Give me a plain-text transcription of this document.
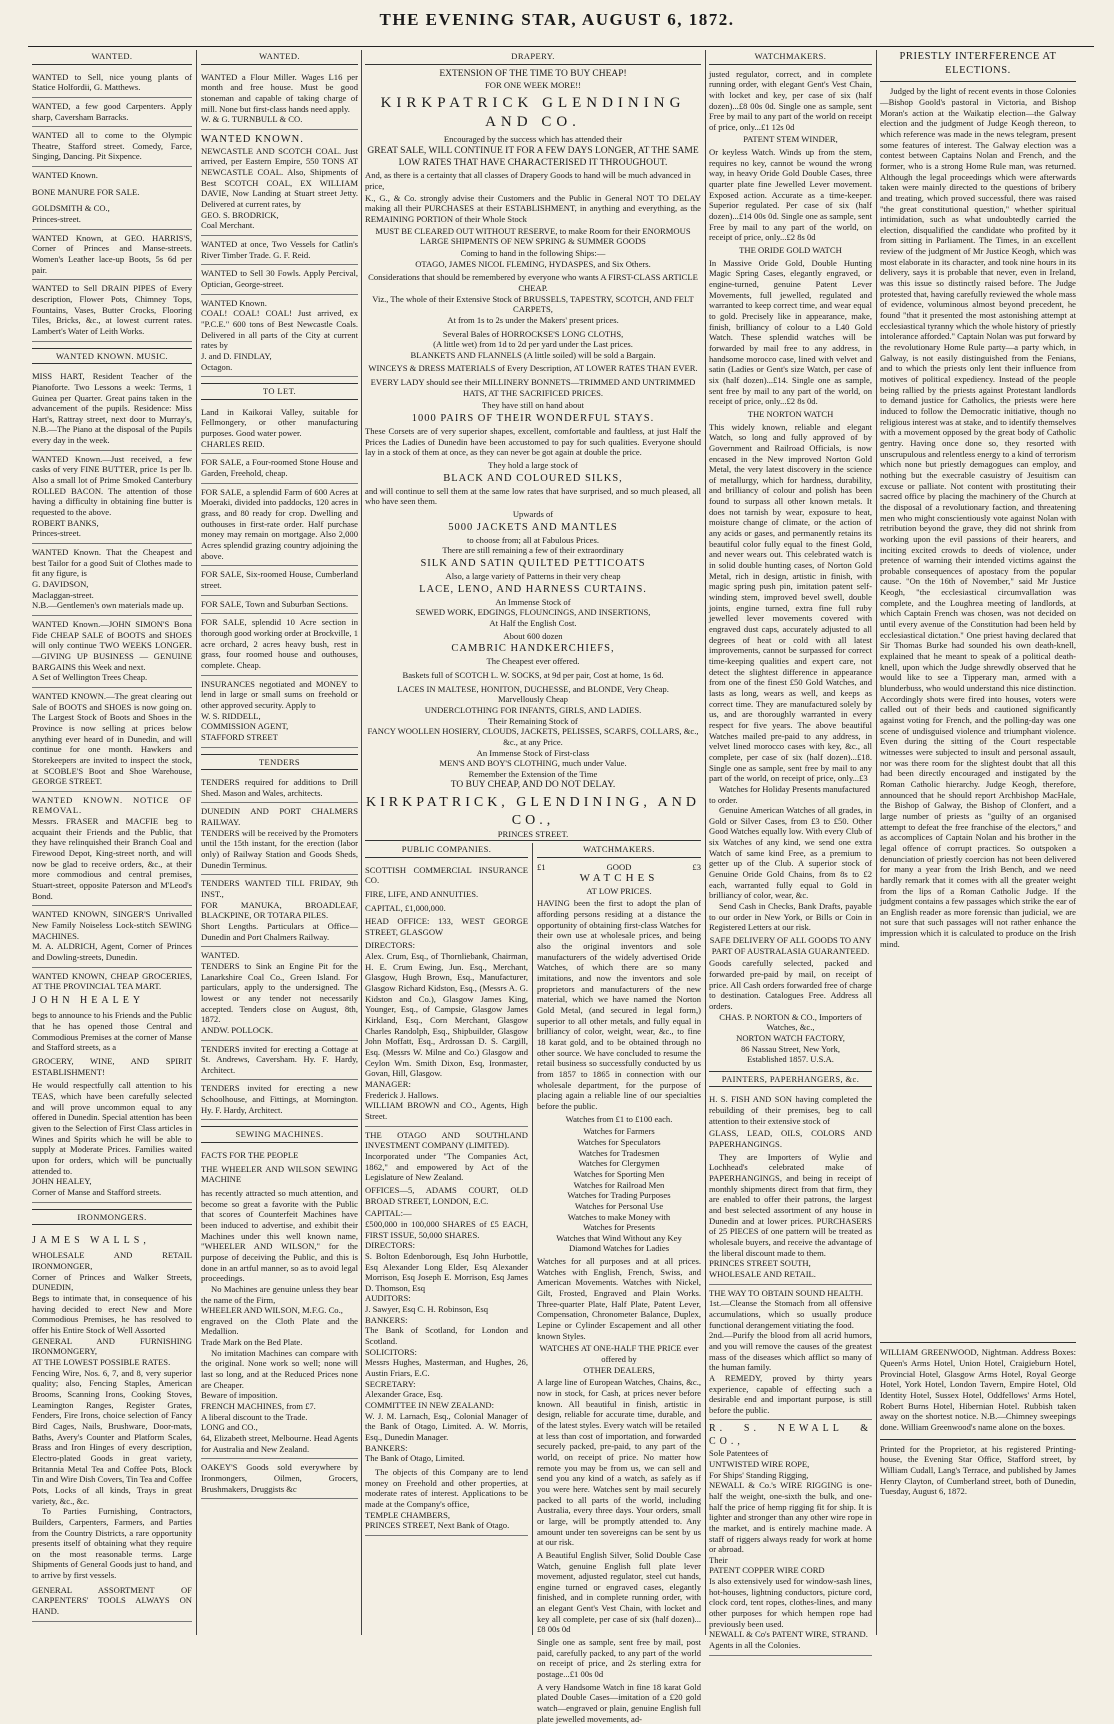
THE EVENING STAR, AUGUST 6, 1872.
WANTED.

WANTED to Sell, nice young plants of Statice Holfordii, G. Matthews.

WANTED, a few good Carpenters. Apply sharp, Caversham Barracks.

WANTED all to come to the Olympic Theatre, Stafford street. Comedy, Farce, Singing, Dancing. Pit Sixpence.

WANTED Known.

BONE MANURE FOR SALE.

GOLDSMITH & CO.,

Princes-street.

WANTED Known, at GEO. HARRIS'S, Corner of Princes and Manse-streets. Women's Leather lace-up Boots, 5s 6d per pair.

WANTED to Sell DRAIN PIPES of Every description, Flower Pots, Chimney Tops, Fountains, Vases, Butter Crocks, Flooring Tiles, Bricks, &c., at lowest current rates. Lambert's Water of Leith Works.

WANTED KNOWN. MUSIC.

MISS HART, Resident Teacher of the Pianoforte. Two Lessons a week: Terms, 1 Guinea per Quarter. Great pains taken in the advancement of the pupils. Residence: Miss Hart's, Rattray street, next door to Murray's, N.B.—The Piano at the disposal of the Pupils every day in the week.

WANTED Known.—Just received, a few casks of very FINE BUTTER, price 1s per lb. Also a small lot of Prime Smoked Canterbury ROLLED BACON. The attention of those having a difficulty in obtaining fine butter is requested to the above.

ROBERT BANKS,

Princes-street.

WANTED Known. That the Cheapest and best Tailor for a good Suit of Clothes made to fit any figure, is

G. DAVIDSON,

Maclaggan-street.

N.B.—Gentlemen's own materials made up.

WANTED Known.—JOHN SIMON'S Bona Fide CHEAP SALE of BOOTS and SHOES will only continue TWO WEEKS LONGER.—GIVING UP BUSINESS — GENUINE BARGAINS this Week and next.

A Set of Wellington Trees Cheap.

WANTED KNOWN.—The great clearing out Sale of BOOTS and SHOES is now going on. The Largest Stock of Boots and Shoes in the Province is now selling at prices below anything ever heard of in Dunedin, and will continue for one month. Hawkers and Storekeepers are invited to inspect the stock, at SCOBLE'S Boot and Shoe Warehouse, GEORGE STREET.

WANTED KNOWN. NOTICE OF REMOVAL.

Messrs. FRASER and MACFIE beg to acquaint their Friends and the Public, that they have relinquished their Branch Coal and Firewood Depot, King-street north, and will now be glad to receive orders, &c., at their more commodious and central premises, Stuart-street, opposite Paterson and M'Leod's Bond.

WANTED KNOWN, SINGER'S Unrivalled New Family Noiseless Lock-stitch SEWING MACHINES.

M. A. ALDRICH, Agent, Corner of Princes and Dowling-streets, Dunedin.

WANTED KNOWN, CHEAP GROCERIES, AT THE PROVINCIAL TEA MART.

JOHN HEALEY

begs to announce to his Friends and the Public that he has opened those Central and Commodious Premises at the corner of Manse and Stafford streets, as a

GROCERY, WINE, AND SPIRIT ESTABLISHMENT!

He would respectfully call attention to his TEAS, which have been carefully selected and will prove uncommon equal to any offered in Dunedin. Special attention has been given to the Selection of First Class articles in Wines and Spirits which he will be able to supply at Moderate Prices. Families waited upon for orders, which will be punctually attended to.

JOHN HEALEY,

Corner of Manse and Stafford streets.

IRONMONGERS.

JAMES WALLS,

WHOLESALE AND RETAIL IRONMONGER,

Corner of Princes and Walker Streets, DUNEDIN,

Begs to intimate that, in consequence of his having decided to erect New and More Commodious Premises, he has resolved to offer his Entire Stock of Well Assorted

GENERAL AND FURNISHING IRONMONGERY,

AT THE LOWEST POSSIBLE RATES.

Fencing Wire, Nos. 6, 7, and 8, very superior quality; also, Fencing Staples, American Brooms, Scanning Irons, Cooking Stoves, Leamington Ranges, Register Grates, Fenders, Fire Irons, choice selection of Fancy Bird Cages, Nails, Brushware, Door-mats, Baths, Avery's Counter and Platform Scales, Brass and Iron Hinges of every description, Electro-plated Goods in great variety, Britannia Metal Tea and Coffee Pots, Block Tin and Wire Dish Covers, Tin Tea and Coffee Pots, Locks of all kinds, Trays in great variety, &c., &c.

To Parties Furnishing, Contractors, Builders, Carpenters, Farmers, and Parties from the Country Districts, a rare opportunity presents itself of obtaining what they require on the most reasonable terms. Large Shipments of General Goods just to hand, and to arrive by first vessels.

GENERAL ASSORTMENT OF CARPENTERS' TOOLS ALWAYS ON HAND.

WANTED.

WANTED a Flour Miller. Wages L16 per month and free house. Must be good stoneman and capable of taking charge of mill. None but first-class hands need apply.

W. & G. TURNBULL & CO.

WANTED KNOWN.

NEWCASTLE AND SCOTCH COAL. Just arrived, per Eastern Empire, 550 TONS AT NEWCASTLE COAL. Also, Shipments of Best SCOTCH COAL, EX WILLIAM DAVIE, Now Landing at Stuart street Jetty. Delivered at current rates, by

GEO. S. BRODRICK,

Coal Merchant.

WANTED at once, Two Vessels for Catlin's River Timber Trade. G. F. Reid.

WANTED to Sell 30 Fowls. Apply Percival, Optician, George-street.

WANTED Known.

COAL! COAL! COAL! Just arrived, ex "P.C.E." 600 tons of Best Newcastle Coals. Delivered in all parts of the City at current rates by

J. and D. FINDLAY,

Octagon.

TO LET.

Land in Kaikorai Valley, suitable for Fellmongery, or other manufacturing purposes. Good water power.

CHARLES REID.

FOR SALE, a Four-roomed Stone House and Garden, Freehold, cheap.

FOR SALE, a splendid Farm of 600 Acres at Moeraki, divided into paddocks, 120 acres in grass, and 80 ready for crop. Dwelling and outhouses in first-rate order. Half purchase money may remain on mortgage. Also 2,000 Acres splendid grazing country adjoining the above.

FOR SALE, Six-roomed House, Cumberland street.

FOR SALE, Town and Suburban Sections.

FOR SALE, splendid 10 Acre section in thorough good working order at Brockville, 1 acre orchard, 2 acres heavy bush, rest in grass, four roomed house and outhouses, complete. Cheap.

INSURANCES negotiated and MONEY to lend in large or small sums on freehold or other approved security. Apply to

W. S. RIDDELL,

COMMISSION AGENT,

STAFFORD STREET

TENDERS

TENDERS required for additions to Drill Shed. Mason and Wales, architects.

DUNEDIN AND PORT CHALMERS RAILWAY.

TENDERS will be received by the Promoters until the 15th instant, for the erection (labor only) of Railway Station and Goods Sheds, Dunedin Terminus.

TENDERS WANTED TILL FRIDAY, 9th INST.,

FOR MANUKA, BROADLEAF, BLACKPINE, OR TOTARA PILES.

Short Lengths. Particulars at Office—Dunedin and Port Chalmers Railway.

WANTED.

TENDERS to Sink an Engine Pit for the Lanarkshire Coal Co., Green Island. For particulars, apply to the undersigned. The lowest or any tender not necessarily accepted. Tenders close on August, 8th, 1872.

ANDW. POLLOCK.

TENDERS invited for erecting a Cottage at St. Andrews, Caversham. Hy. F. Hardy, Architect.

TENDERS invited for erecting a new Schoolhouse, and Fittings, at Mornington. Hy. F. Hardy, Architect.

SEWING MACHINES.

FACTS FOR THE PEOPLE

THE WHEELER AND WILSON SEWING MACHINE

has recently attracted so much attention, and become so great a favorite with the Public that scores of Counterfeit Machines have been induced to advertise, and exhibit their Machines under this well known name, "WHEELER AND WILSON," for the purpose of deceiving the Public, and this is done in an artful manner, so as to avoid legal proceedings.

No Machines are genuine unless they bear the name of the Firm,

WHEELER AND WILSON, M.F.G. Co.,

engraved on the Cloth Plate and the Medallion.

Trade Mark on the Bed Plate.

No imitation Machines can compare with the original. None work so well; none will last so long, and at the Reduced Prices none are Cheaper.

Beware of imposition.

FRENCH MACHINES, from £7.

A liberal discount to the Trade.

LONG and CO.,

64, Elizabeth street, Melbourne. Head Agents for Australia and New Zealand.

OAKEY'S Goods sold everywhere by Ironmongers, Oilmen, Grocers, Brushmakers, Druggists &c

DRAPERY.

EXTENSION OF THE TIME TO BUY CHEAP!

FOR ONE WEEK MORE!!

KIRKPATRICK GLENDINING AND CO.

Encouraged by the success which has attended their

GREAT SALE, WILL CONTINUE IT FOR A FEW DAYS LONGER, AT THE SAME LOW RATES THAT HAVE CHARACTERISED IT THROUGHOUT.

And, as there is a certainty that all classes of Drapery Goods to hand will be much advanced in price,

K., G., & Co. strongly advise their Customers and the Public in General NOT TO DELAY making all their PURCHASES at their ESTABLISHMENT, in anything and everything, as the REMAINING PORTION of their Whole Stock

MUST BE CLEARED OUT WITHOUT RESERVE, to make Room for their ENORMOUS LARGE SHIPMENTS OF NEW SPRING & SUMMER GOODS

Coming to hand in the following Ships:—

OTAGO, JAMES NICOL FLEMING, HYDASPES, and Six Others.

Considerations that should be remembered by everyone who wants A FIRST-CLASS ARTICLE CHEAP.

Viz., The whole of their Extensive Stock of BRUSSELS, TAPESTRY, SCOTCH, AND FELT CARPETS,

At from 1s to 2s under the Makers' present prices.

Several Bales of HORROCKSE'S LONG CLOTHS,

(A little wet) from 1d to 2d per yard under the Last prices.

BLANKETS AND FLANNELS (A little soiled) will be sold a Bargain.

WINCEYS & DRESS MATERIALS of Every Description, AT LOWER RATES THAN EVER.

EVERY LADY should see their MILLINERY BONNETS—TRIMMED AND UNTRIMMED HATS, AT THE SACRIFICED PRICES.

They have still on hand about

1000 PAIRS OF THEIR WONDERFUL STAYS.

These Corsets are of very superior shapes, excellent, comfortable and faultless, at just Half the Prices the Ladies of Dunedin have been accustomed to pay for such qualities. Everyone should lay in a stock of them at once, as they can never be got again at double the price.

They hold a large stock of

BLACK AND COLOURED SILKS,

and will continue to sell them at the same low rates that have surprised, and so much pleased, all who have seen them.

Upwards of

5000 JACKETS AND MANTLES

to choose from; all at Fabulous Prices.

There are still remaining a few of their extraordinary

SILK AND SATIN QUILTED PETTICOATS

Also, a large variety of Patterns in their very cheap

LACE, LENO, AND HARNESS CURTAINS.

An Immense Stock of

SEWED WORK, EDGINGS, FLOUNCINGS, AND INSERTIONS,

At Half the English Cost.

About 600 dozen

CAMBRIC HANDKERCHIEFS,

The Cheapest ever offered.

Baskets full of SCOTCH L. W. SOCKS, at 9d per pair, Cost at home, 1s 6d.

LACES IN MALTESE, HONITON, DUCHESSE, and BLONDE, Very Cheap.

Marvellously Cheap

UNDERCLOTHING FOR INFANTS, GIRLS, AND LADIES.

Their Remaining Stock of

FANCY WOOLLEN HOSIERY, CLOUDS, JACKETS, PELISSES, SCARFS, COLLARS, &c., &c., at any Price.

An Immense Stock of First-class

MEN'S AND BOY'S CLOTHING, much under Value.

Remember the Extension of the Time

TO BUY CHEAP, AND DO NOT DELAY.

KIRKPATRICK, GLENDINING, AND CO.,

PRINCES STREET.

PUBLIC COMPANIES.

SCOTTISH COMMERCIAL INSURANCE CO.

FIRE, LIFE, AND ANNUITIES.

CAPITAL, £1,000,000.

HEAD OFFICE: 133, WEST GEORGE STREET, GLASGOW

DIRECTORS:

Alex. Crum, Esq., of Thornliebank, Chairman, H. E. Crum Ewing, Jun. Esq., Merchant, Glasgow, Hugh Brown, Esq., Manufacturer, Glasgow Richard Kidston, Esq., (Messrs A. G. Kidston and Co.), Glasgow James King, Younger, Esq., of Campsie, Glasgow James Kirkland, Esq., Corn Merchant, Glasgow Charles Randolph, Esq., Shipbuilder, Glasgow John Moffatt, Esq., Ardrossan D. S. Cargill, Esq. (Messrs W. Milne and Co.) Glasgow and Ceylon Wm. Smith Dixon, Esq, Ironmaster, Govan, Hill, Glasgow.

MANAGER:

Frederick J. Hallows.

WILLIAM BROWN and CO., Agents, High Street.

THE OTAGO AND SOUTHLAND INVESTMENT COMPANY (LIMITED).

Incorporated under "The Companies Act, 1862," and empowered by Act of the Legislature of New Zealand.

OFFICES—5, ADAMS COURT, OLD BROAD STREET, LONDON, E.C.

CAPITAL:—

£500,000 in 100,000 SHARES of £5 EACH, FIRST ISSUE, 50,000 SHARES.

DIRECTORS:

S. Bolton Edenborough, Esq John Hurbottle, Esq Alexander Long Elder, Esq Alexander Morrison, Esq Joseph E. Morrison, Esq James D. Thomson, Esq

AUDITORS:

J. Sawyer, Esq C. H. Robinson, Esq

BANKERS:

The Bank of Scotland, for London and Scotland.

SOLICITORS:

Messrs Hughes, Masterman, and Hughes, 26, Austin Friars, E.C.

SECRETARY:

Alexander Grace, Esq.

COMMITTEE IN NEW ZEALAND:

W. J. M. Larnach, Esq., Colonial Manager of the Bank of Otago, Limited. A. W. Morris, Esq., Dunedin Manager.

BANKERS:

The Bank of Otago, Limited.

The objects of this Company are to lend money on Freehold and other properties, at moderate rates of interest. Applications to be made at the Company's office,

TEMPLE CHAMBERS,

PRINCES STREET, Next Bank of Otago.

WATCHMAKERS.
£1	GOOD	£3

WATCHES

AT LOW PRICES.

HAVING been the first to adopt the plan of affording persons residing at a distance the opportunity of obtaining first-class Watches for their own use at wholesale prices, and being also the original inventors and sole manufacturers of the widely advertised Oride Watches, of which there are so many imitations, and now the inventors and sole proprietors and manufacturers of the new material, which we have named the Norton Gold Metal, (and secured in legal form,) superior to all other metals, and fully equal in brilliancy of color, weight, wear, &c., to fine 18 karat gold, and to be obtained through no other source. We have concluded to resume the retail business so successfully conducted by us from 1857 to 1865 in connection with our wholesale department, for the purpose of placing again a reliable line of our specialties before the public.

Watches from £1 to £100 each.

Watches for Farmers
Watches for Speculators
Watches for Tradesmen
Watches for Clergymen
Watches for Sporting Men
Watches for Railroad Men
Watches for Trading Purposes
Watches for Personal Use
Watches to make Money with
Watches for Presents
Watches that Wind Without any Key
Diamond Watches for Ladies

Watches for all purposes and at all prices. Watches with English, French, Swiss, and American Movements. Watches with Nickel, Gilt, Frosted, Engraved and Plain Works. Three-quarter Plate, Half Plate, Patent Lever, Compensation, Chronometer Balance, Duplex, Lepine or Cylinder Escapement and all other known Styles.

WATCHES AT ONE-HALF THE PRICE ever offered by

OTHER DEALERS,

A large line of European Watches, Chains, &c., now in stock, for Cash, at prices never before known. All beautiful in finish, artistic in design, reliable for accurate time, durable, and of the latest styles. Every watch will be retailed at less than cost of importation, and forwarded securely packed, pre-paid, to any part of the world, on receipt of price. No matter how remote you may be from us, we can sell and send you any kind of a watch, as safely as if you were here. Watches sent by mail securely packed to all parts of the world, including Australia, every three days. Your orders, small or large, will be promptly attended to. Any amount under ten sovereigns can be sent by us at our risk.

A Beautiful English Silver, Solid Double Case Watch, genuine English full plate lever movement, adjusted regulator, steel cut hands, engine turned or engraved cases, elegantly finished, and in complete running order, with an elegant Gent's Vest Chain, with locket and key all complete, per case of six (half dozen)...£8 00s 0d

Single one as sample, sent free by mail, post paid, carefully packed, to any part of the world on receipt of price, and 2s sterling extra for postage...£1 00s 0d

A very Handsome Watch in fine 18 karat Gold plated Double Cases—imitation of a £20 gold watch—engraved or plain, genuine English full plate jewelled movements, ad-

WATCHMAKERS.

justed regulator, correct, and in complete running order, with elegant Gent's Vest Chain, with locket and key, per case of six (half dozen)...£8 00s 0d. Single one as sample, sent Free by mail to any part of the world on receipt of price, only...£1 12s 0d

PATENT STEM WINDER,

Or keyless Watch. Winds up from the stem, requires no key, cannot be wound the wrong way, in heavy Oride Gold Double Cases, three quarter plate fine Jewelled Lever movement. Exposed action. Accurate as a time-keeper. Superior regulated. Per case of six (half dozen)...£14 00s 0d. Single one as sample, sent Free by mail to any part of the world, on receipt of price, only...£2 8s 0d

THE ORIDE GOLD WATCH

In Massive Oride Gold, Double Hunting Magic Spring Cases, elegantly engraved, or engine-turned, genuine Patent Lever Movements, full jewelled, regulated and warranted to keep correct time, and wear equal to gold. Precisely like in appearance, make, finish, brilliancy of colour to a L40 Gold Watch. These splendid watches will be forwarded by mail free to any address, in handsome morocco case, lined with velvet and satin (Ladies or Gent's size Watch, per case of six (half dozen)...£14. Single one as sample, sent free by mail to any part of the world, on receipt of price, only...£2 8s 0d.

THE NORTON WATCH

This widely known, reliable and elegant Watch, so long and fully approved of by Government and Railroad Officials, is now encased in the New improved Norton Gold Metal, the very latest discovery in the science of metallurgy, which for hardness, durability, and brilliancy of colour and polish has been found to surpass all other known metals. It does not tarnish by wear, exposure to heat, moisture change of climate, or the action of any acids or gases, and permanently retains its beautiful color fully equal to the finest Gold, and never wears out. This celebrated watch is in solid double hunting cases, of Norton Gold Metal, rich in design, artistic in finish, with magic spring push pin, imitation patent self-winding stem, improved bevel swell, double joints, engine turned, extra fine full ruby jewelled lever movements covered with engraved dust caps, accurately adjusted to all degrees of heat or cold with all latest improvements, cannot be surpassed for correct time-keeping qualities and expert care, not detect the slightest difference in appearance from one of the finest £50 Gold Watches, and lasts as long, wears as well, and keeps as correct time. They are manufactured solely by us, and are thoroughly warranted in every respect for five years. The above beautiful Watches mailed pre-paid to any address, in velvet lined morocco cases with key, &c., all complete, per case of six (half dozen)...£18. Single one as sample, sent free by mail to any part of the world, on receipt of price, only...£3

Watches for Holiday Presents manufactured to order.

Genuine American Watches of all grades, in Gold or Silver Cases, from £3 to £50. Other Good Watches equally low. With every Club of six Watches of any kind, we send one extra Watch of same kind Free, as a premium to getter up of the Club. A superior stock of Genuine Oride Gold Chains, from 8s to £2 each, warranted fully equal to Gold in brilliancy of color, wear, &c.

Send Cash in Checks, Bank Drafts, payable to our order in New York, or Bills or Coin in Registered Letters at our risk.

SAFE DELIVERY OF ALL GOODS TO ANY PART OF AUSTRALASIA GUARANTEED.

Goods carefully selected, packed and forwarded pre-paid by mail, on receipt of price. All Cash orders forwarded free of charge to destination. Catalogues Free. Address all orders.

CHAS. P. NORTON & CO., Importers of Watches, &c.,

NORTON WATCH FACTORY,

86 Nassau Street, New York,

Established 1857. U.S.A.

PAINTERS, PAPERHANGERS, &c.

H. S. FISH AND SON having completed the rebuilding of their premises, beg to call attention to their extensive stock of

GLASS, LEAD, OILS, COLORS AND PAPERHANGINGS.

They are Importers of Wylie and Lochhead's celebrated make of PAPERHANGINGS, and being in receipt of monthly shipments direct from that firm, they are enabled to offer their patrons, the largest and best selected assortment of any house in Dunedin and at lower prices. PURCHASERS of 25 PIECES of one pattern will be treated as wholesale buyers, and receive the advantage of the liberal discount made to them.

PRINCES STREET SOUTH,

WHOLESALE AND RETAIL.

THE WAY TO OBTAIN SOUND HEALTH.

1st.—Cleanse the Stomach from all offensive accumulations, which so usually produce functional derangement vitiating the food.

2nd.—Purify the blood from all acrid humors, and you will remove the causes of the greatest mass of the diseases which afflict so many of the human family.

A REMEDY, proved by thirty years experience, capable of effecting such a desirable end and important purpose, is still before the public.

R. S. NEWALL & CO.,

Sole Patentees of

UNTWISTED WIRE ROPE,

For Ships' Standing Rigging,

NEWALL & Co.'s WIRE RIGGING is one-half the weight, one-sixth the bulk, and one-half the price of hemp rigging fit for ship. It is lighter and stronger than any other wire rope in the market, and is entirely machine made. A staff of riggers always ready for work at home or abroad.

Their

PATENT COPPER WIRE CORD

Is also extensively used for window-sash lines, hot-houses, lightning conductors, picture cord, clock cord, tent ropes, clothes-lines, and many other purposes for which hempen rope had previously been used.

NEWALL & Co's PATENT WIRE, STRAND.

Agents in all the Colonies.

PRIESTLY INTERFERENCE AT ELECTIONS.
Judged by the light of recent events in those Colonies—Bishop Goold's pastoral in Victoria, and Bishop Moran's action at the Waikatip election—the Galway election and the judgment of Judge Keogh thereon, to which reference was made in the news telegram, present some features of interest. The Galway election was a contest between Captains Nolan and French, and the former, who is a strong Home Rule man, was returned. Although the legal proceedings which were afterwards taken were mainly directed to the questions of bribery and treating, which proved successful, there was raised "the great constitutional question," whether spiritual intimidation, such as what undoubtedly carried the election, disqualified the candidate who profited by it from sitting in Parliament. The Times, in an excellent review of the judgment of Mr Justice Keogh, which was most elaborate in its character, and took nine hours in its delivery, says it is probable that never, even in Ireland, was this issue so distinctly raised before. The Judge protested that, having carefully reviewed the whole mass of evidence, voluminous almost beyond precedent, he found "that it presented the most astonishing attempt at ecclesiastical tyranny which the whole history of priestly intolerance afforded." Captain Nolan was put forward by the revolutionary Home Rule party—a party which, in Galway, is not easily distinguished from the Fenians, and to which the priests only lent their influence from motives of political expediency. Instead of the people being rallied by the priests against Protestant landlords to demand justice for Catholics, the priests were here induced to follow the Democratic initiative, though no religious interest was at stake, and to identify themselves with a movement opposed by the great body of Catholic gentry. Having once done so, they resorted with unscrupulous and relentless energy to a kind of terrorism which none but priestly demagogues can employ, and nothing but the execrable casuistry of Jesuitism can excuse or palliate. Not content with prostituting their sacred office by placing the machinery of the Church at the disposal of a revolutionary faction, and threatening men who might conscientiously vote against Nolan with retribution beyond the grave, they did not shrink from working upon the evil passions of their hearers, and inciting excited crowds to deeds of violence, under pretence of warning their intended victims against the probable consequences of apostacy from the popular cause. "On the 16th of November," said Mr Justice Keogh, "the ecclesiastical circumvallation was complete, and the Loughrea meeting of landlords, at which Captain French was chosen, was not decided on until every avenue of the Constitution had been held by ecclesiastical dictation." One priest having declared that Sir Thomas Burke had sounded his own death-knell, explained that he meant to speak of a political death-knell, upon which the Judge shrewdly observed that he would like to see a Tipperary man, armed with a blunderbuss, who would understand this nice distinction. Accordingly shots were fired into houses, voters were called out of their beds and cautioned significantly against voting for French, and the polling-day was one scene of undisguised violence and triumphant violence. Even during the sitting of the Court respectable witnesses were subjected to insult and personal assault, nor was there room for the slightest doubt that all this had been directly encouraged and instigated by the Roman Catholic hierarchy. Judge Keogh, therefore, announced that he should report Archbishop MacHale, the Bishop of Galway, the Bishop of Clonfert, and a large number of priests as "guilty of an organised attempt to defeat the free franchise of the electors," and as accomplices of Captain Nolan and his brother in the legal offence of corrupt practices. So outspoken a denunciation of priestly coercion has not been delivered for many a year from the Irish Bench, and we need hardly remark that it comes with all the greater weight from the lips of a Roman Catholic Judge. If the judgment contains a few passages which strike the ear of an English reader as more forensic than judicial, we are not sure that such passages will not rather enhance the impression which it is calculated to produce on the Irish mind.
WILLIAM GREENWOOD, Nightman. Address Boxes: Queen's Arms Hotel, Union Hotel, Craigieburn Hotel, Provincial Hotel, Glasgow Arms Hotel, Royal George Hotel, York Hotel, London Tavern, Empire Hotel, Old Identity Hotel, Sussex Hotel, Oddfellows' Arms Hotel, Robert Burns Hotel, Hibernian Hotel. Rubbish taken away on the shortest notice. N.B.—Chimney sweepings done. William Greenwood's name alone on the boxes.
Printed for the Proprietor, at his registered Printing-house, the Evening Star Office, Stafford street, by William Cudall, Lang's Terrace, and published by James Henry Clayton, of Cumberland street, both of Dunedin, Tuesday, August 6, 1872.
